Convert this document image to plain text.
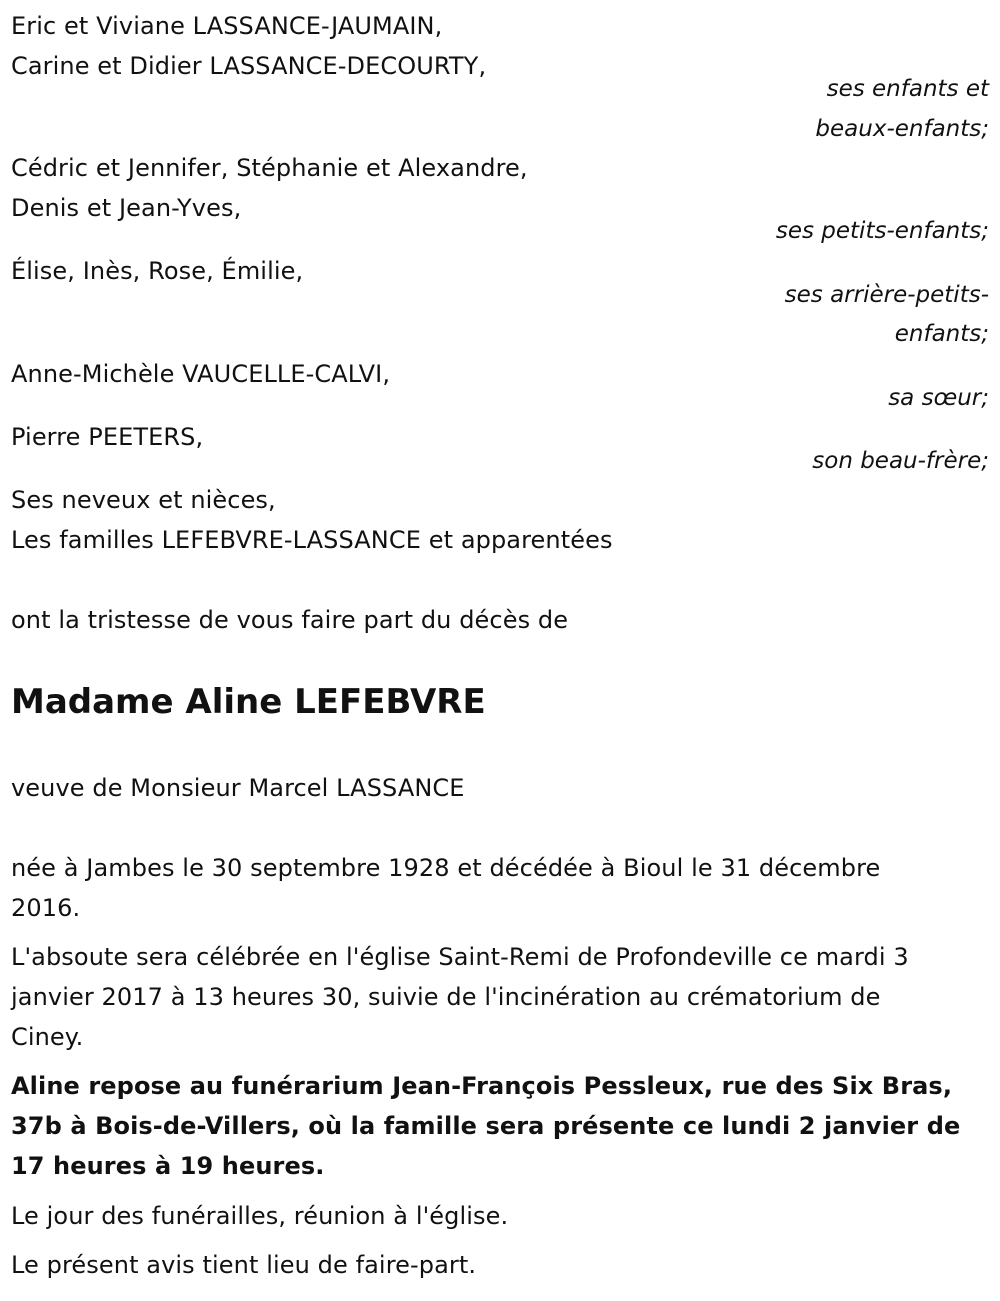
Eric et Viviane LASSANCE-JAUMAIN,
Carine et Didier LASSANCE-DECOURTY,
ses enfants et
beaux-enfants;
Cédric et Jennifer, Stéphanie et Alexandre,
Denis et Jean-Yves,
ses petits-enfants;
Élise, Inès, Rose, Émilie,
ses arrière-petits-
enfants;
Anne-Michèle VAUCELLE-CALVI,
sa sœur;
Pierre PEETERS,
son beau-frère;
Ses neveux et nièces,
Les familles LEFEBVRE-LASSANCE et apparentées
ont la tristesse de vous faire part du décès de
Madame Aline LEFEBVRE
veuve de Monsieur Marcel LASSANCE
née à Jambes le 30 septembre 1928 et décédée à Bioul le 31 décembre
2016.
L'absoute sera célébrée en l'église Saint-Remi de Profondeville ce mardi 3
janvier 2017 à 13 heures 30, suivie de l'incinération au crématorium de
Ciney.
Aline repose au funérarium Jean-François Pessleux, rue des Six Bras,
37b à Bois-de-Villers, où la famille sera présente ce lundi 2 janvier de
17 heures à 19 heures.
Le jour des funérailles, réunion à l'église.
Le présent avis tient lieu de faire-part.
